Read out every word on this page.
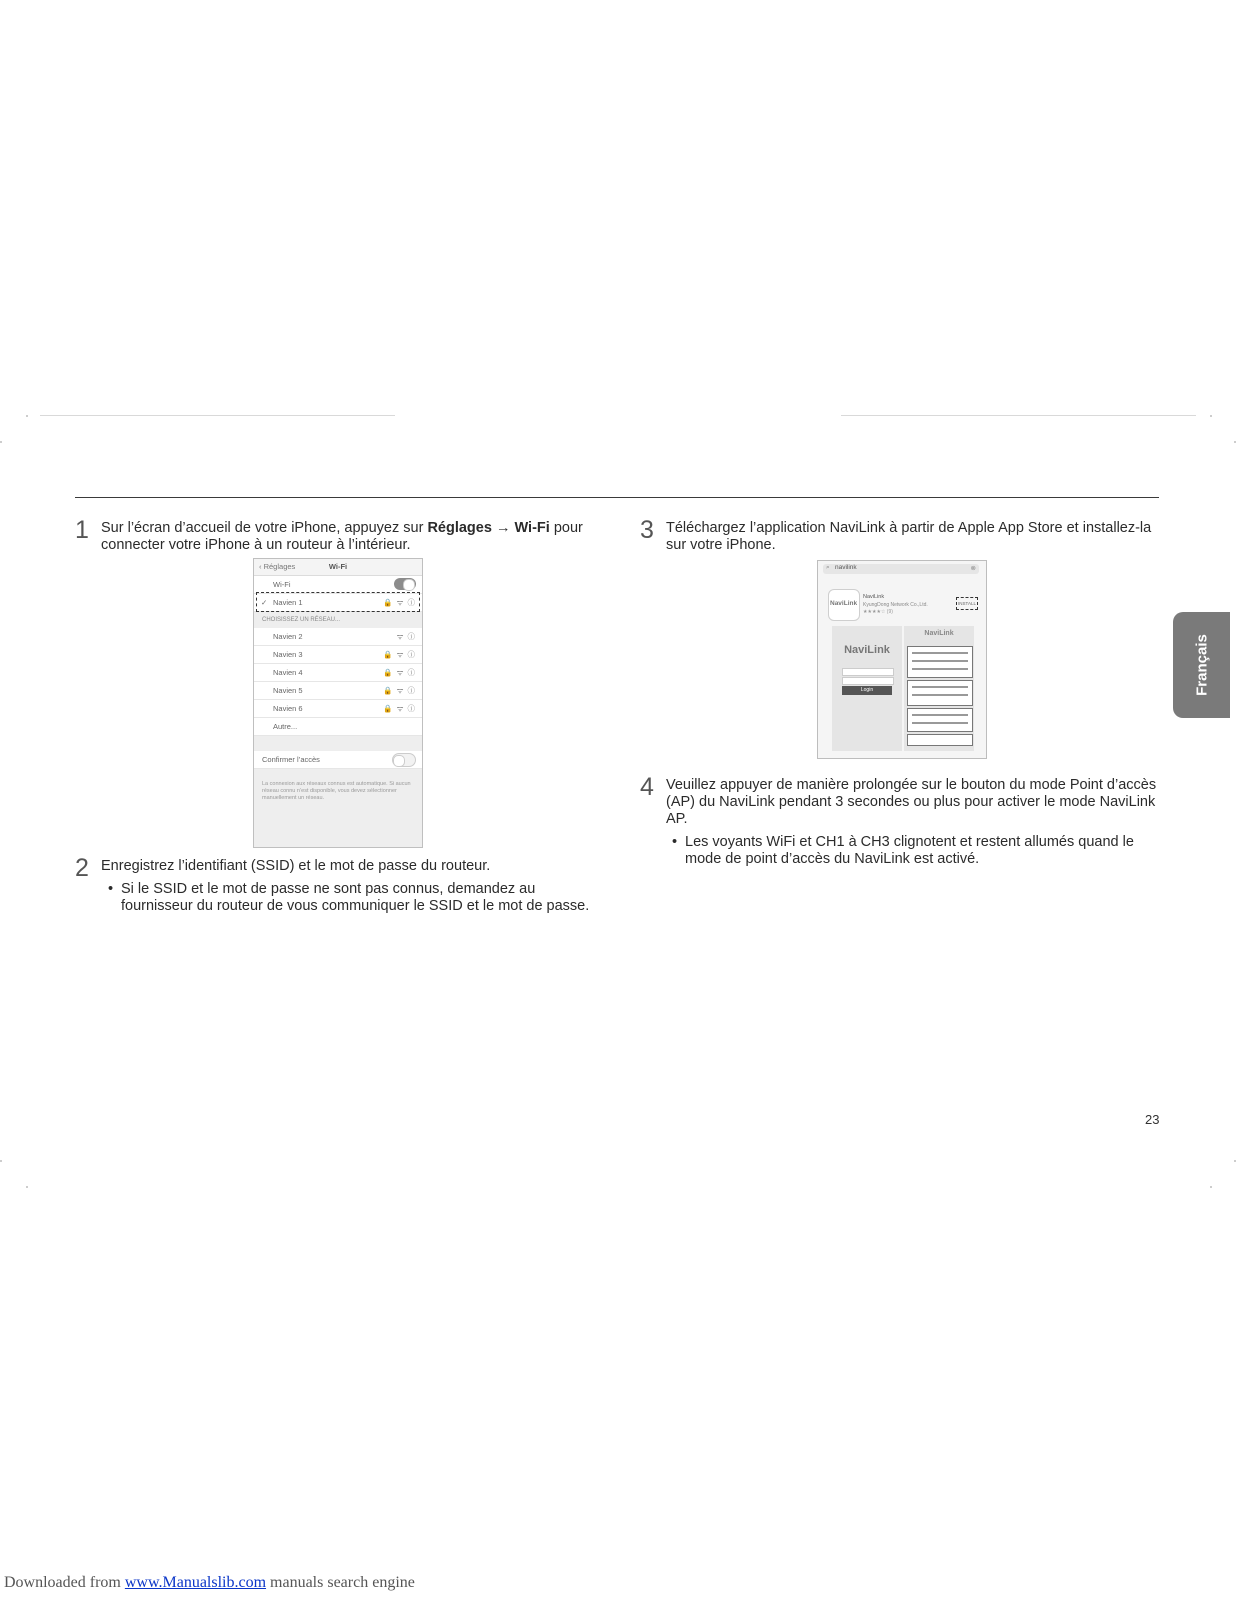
1 Sur l’écran d’accueil de votre iPhone, appuyez sur Réglages → Wi-Fi pour
connecter votre iPhone à un routeur à l’intérieur.
‹ Réglages	Wi-Fi
Wi-Fi
✓ Navien 1	🔒 ᯤ ⓘ
CHOISISSEZ UN RÉSEAU...
Navien 2	ᯤ ⓘ
Navien 3	🔒 ᯤ ⓘ
Navien 4	🔒 ᯤ ⓘ
Navien 5	🔒 ᯤ ⓘ
Navien 6	🔒 ᯤ ⓘ
Autre...
Confirmer l’accès
La connexion aux réseaux connus est automatique. Si aucun réseau connu n’est disponible, vous devez sélectionner manuellement un réseau.
2 Enregistrez l’identifiant (SSID) et le mot de passe du routeur.
• Si le SSID et le mot de passe ne sont pas connus, demandez au
fournisseur du routeur de vous communiquer le SSID et le mot de passe.
3 Téléchargez l’application NaviLink à partir de Apple App Store et installez-la
sur votre iPhone.
⌕ navilink	⊗
NaviLink
NaviLink
KyungDong Network Co.,Ltd.
★★★★☆ (9)
INSTALL
NaviLink
Login
NaviLink
4 Veuillez appuyer de manière prolongée sur le bouton du mode Point d’accès
(AP) du NaviLink pendant 3 secondes ou plus pour activer le mode NaviLink
AP.
• Les voyants WiFi et CH1 à CH3 clignotent et restent allumés quand le
mode de point d’accès du NaviLink est activé.
Français
23
Downloaded from www.Manualslib.com manuals search engine
